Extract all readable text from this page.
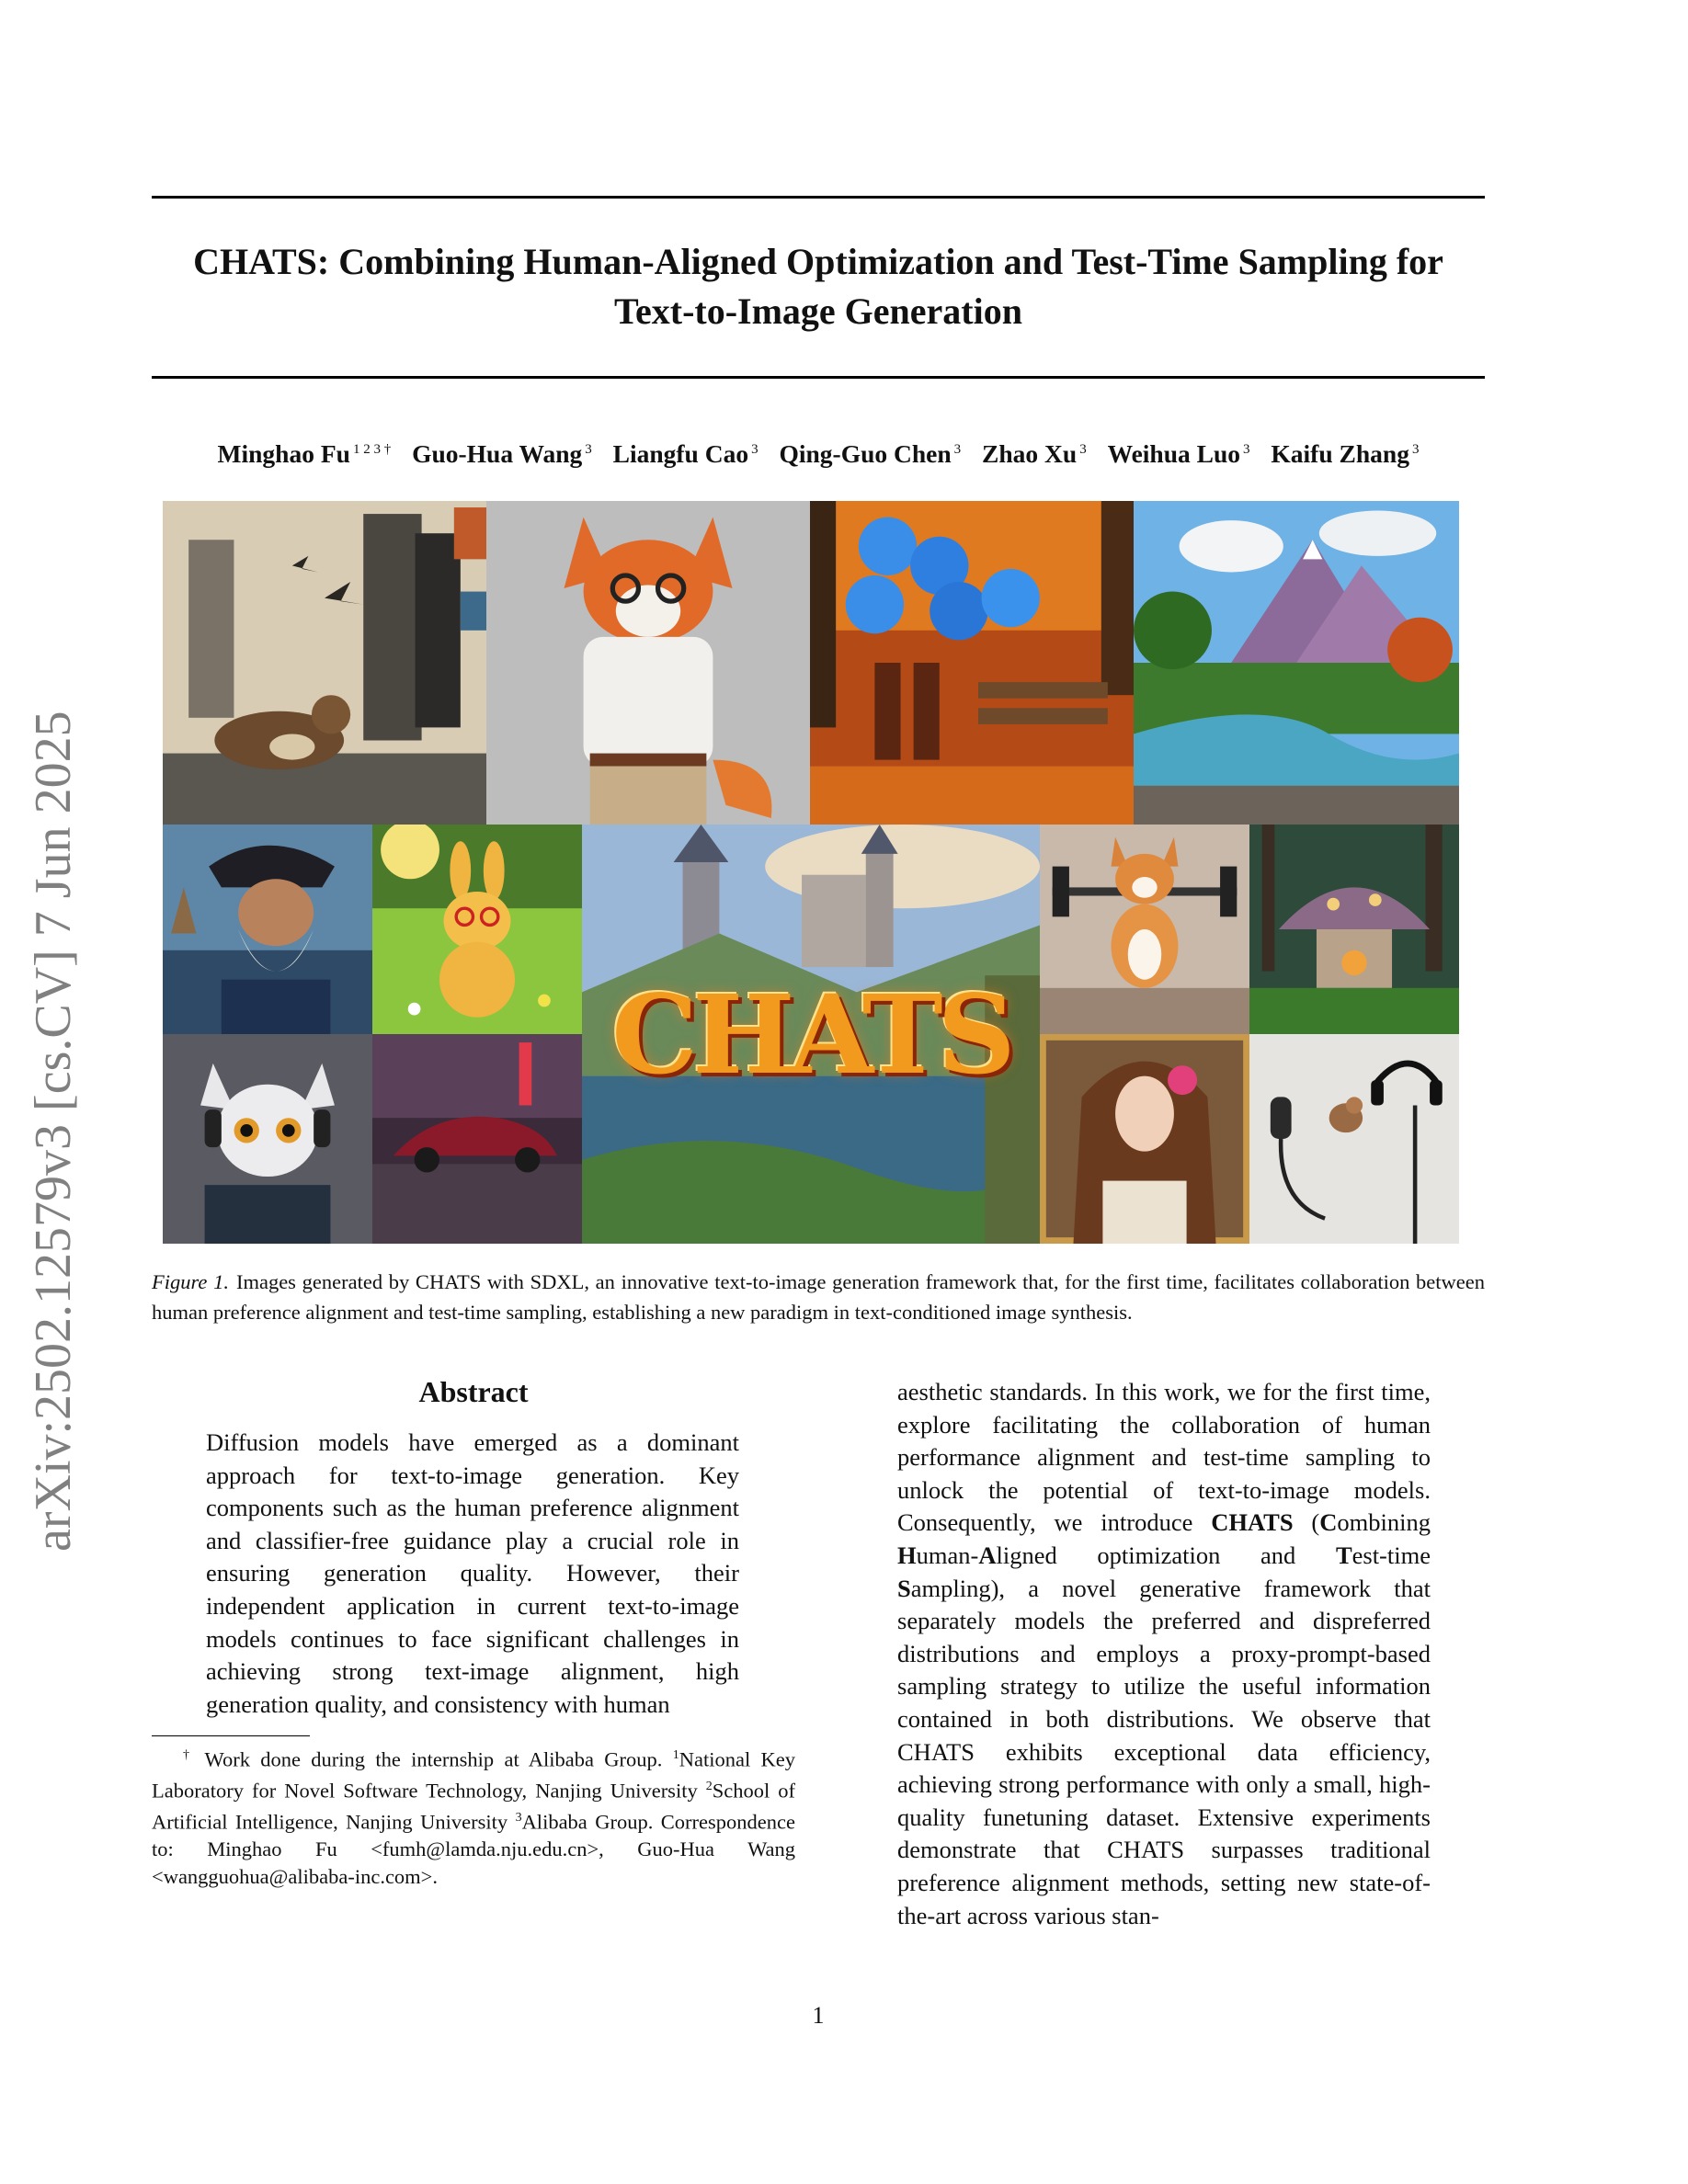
CHATS: Combining Human-Aligned Optimization and Test-Time Sampling for Text-to-Image Generation
Minghao Fu $^{1 2 3 \dagger}$ Guo-Hua Wang $^3$ Liangfu Cao $^3$ Qing-Guo Chen $^3$ Zhao Xu $^3$ Weihua Luo $^3$ Kaifu Zhang $^3$
arXiv:2502.12579v3 [cs.CV] 7 Jun 2025	CHATS
Figure 1. Images generated by CHATS with SDXL, an innovative text-to-image generation framework that, for the first time, facilitates collaboration between human preference alignment and test-time sampling, establishing a new paradigm in text-conditioned image synthesis.
Abstract
Diffusion models have emerged as a dominant approach for text-to-image generation. Key components such as the human preference alignment and classifier-free guidance play a crucial role in ensuring generation quality. However, their independent application in current text-to-image models continues to face significant challenges in achieving strong text-image alignment, high generation quality, and consistency with human
aesthetic standards. In this work, we for the first time, explore facilitating the collaboration of human performance alignment and test-time sampling to unlock the potential of text-to-image models. Consequently, we introduce CHATS (Combining Human-Aligned optimization and Test-time Sampling), a novel generative framework that separately models the preferred and dispreferred distributions and employs a proxy-prompt-based sampling strategy to utilize the useful information contained in both distributions. We observe that CHATS exhibits exceptional data efficiency, achieving strong performance with only a small, high-quality funetuning dataset. Extensive experiments demonstrate that CHATS surpasses traditional preference alignment methods, setting new state-of-the-art across various stan-
† Work done during the internship at Alibaba Group. $^1$National Key Laboratory for Novel Software Technology, Nanjing University $^2$School of Artificial Intelligence, Nanjing University $^3$Alibaba Group. Correspondence to: Minghao Fu <fumh@lamda.nju.edu.cn>, Guo-Hua Wang <wangguohua@alibaba-inc.com>.
1
